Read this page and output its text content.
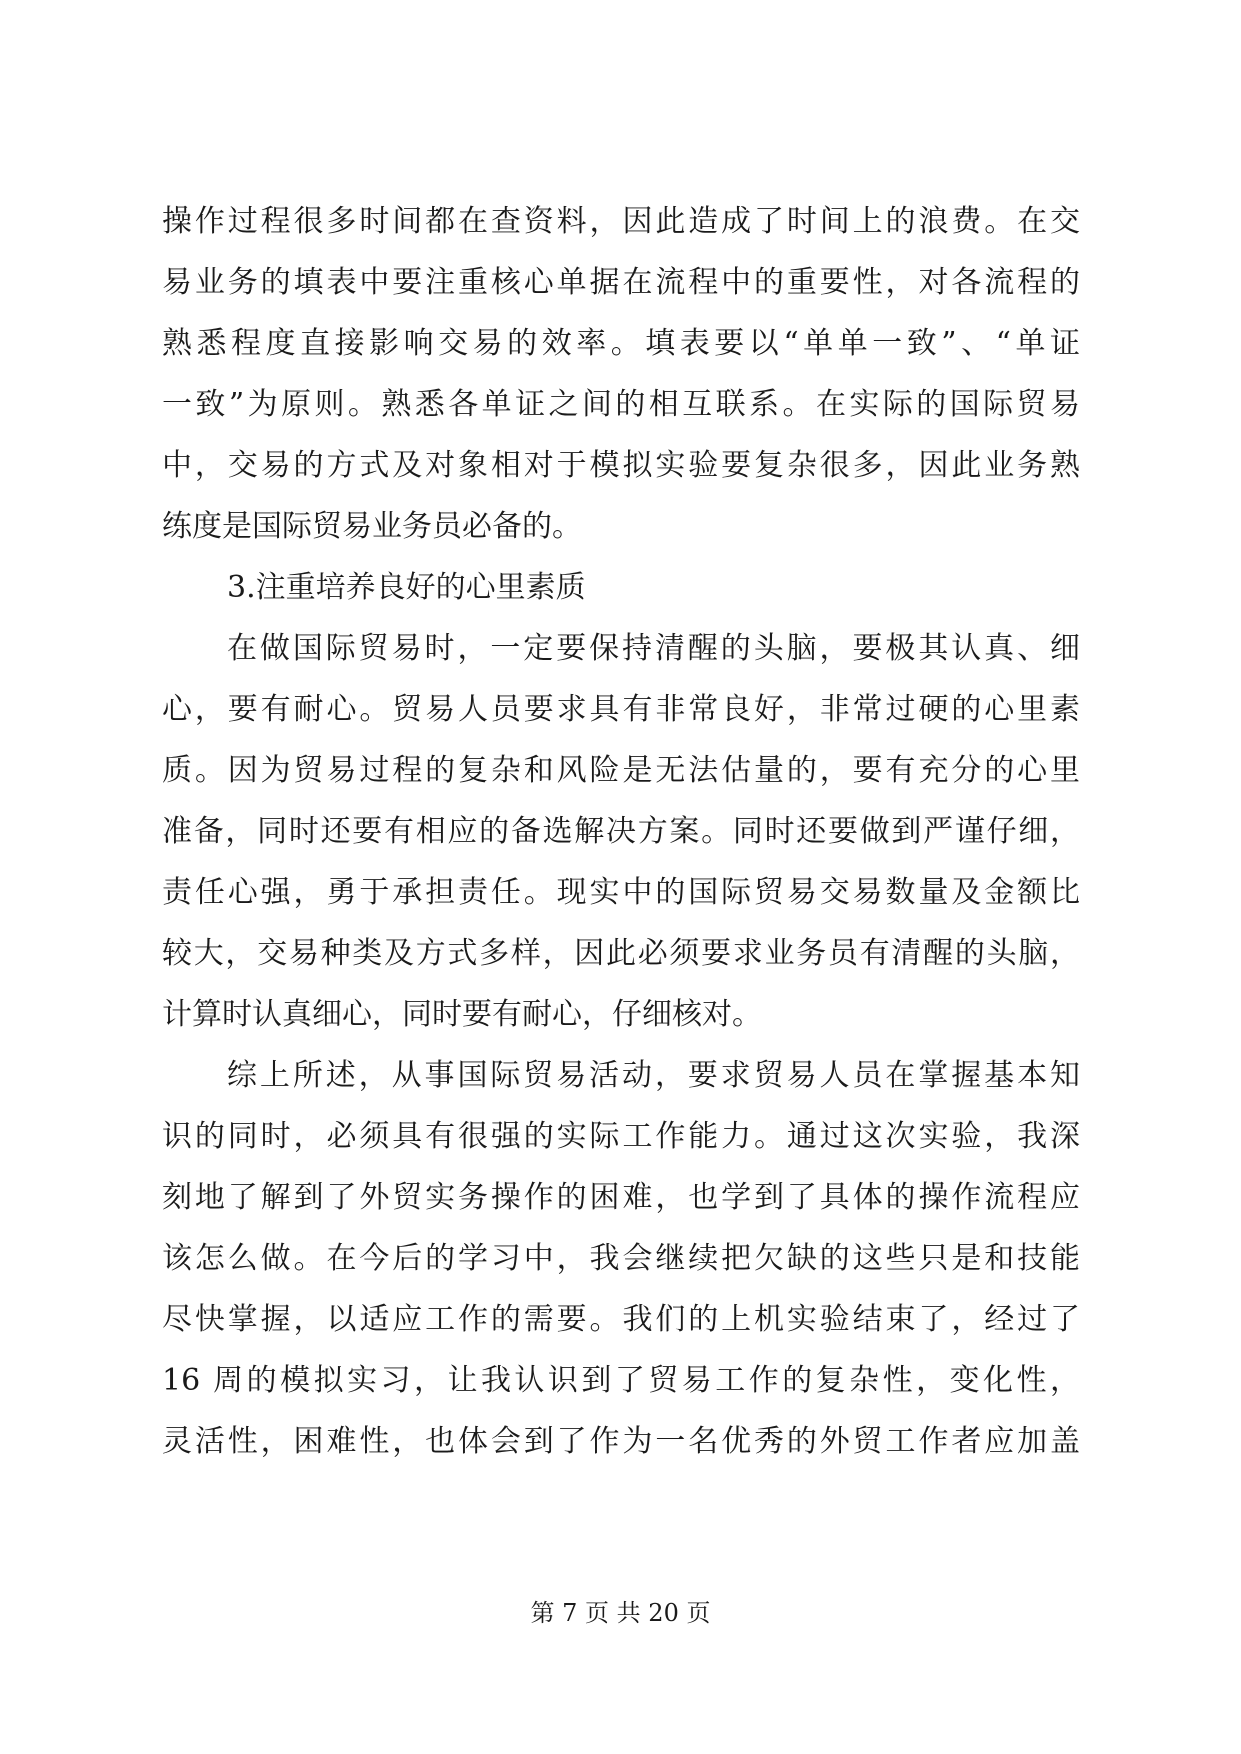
操作过程很多时间都在查资料，因此造成了时间上的浪费。在交
易业务的填表中要注重核心单据在流程中的重要性，对各流程的
熟悉程度直接影响交易的效率。填表要以“单单一致”、“单证
一致”为原则。熟悉各单证之间的相互联系。在实际的国际贸易
中，交易的方式及对象相对于模拟实验要复杂很多，因此业务熟
练度是国际贸易业务员必备的。
3.注重培养良好的心里素质
在做国际贸易时，一定要保持清醒的头脑，要极其认真、细
心，要有耐心。贸易人员要求具有非常良好，非常过硬的心里素
质。因为贸易过程的复杂和风险是无法估量的，要有充分的心里
准备，同时还要有相应的备选解决方案。同时还要做到严谨仔细，
责任心强，勇于承担责任。现实中的国际贸易交易数量及金额比
较大，交易种类及方式多样，因此必须要求业务员有清醒的头脑，
计算时认真细心，同时要有耐心，仔细核对。
综上所述，从事国际贸易活动，要求贸易人员在掌握基本知
识的同时，必须具有很强的实际工作能力。通过这次实验，我深
刻地了解到了外贸实务操作的困难，也学到了具体的操作流程应
该怎么做。在今后的学习中，我会继续把欠缺的这些只是和技能
尽快掌握，以适应工作的需要。我们的上机实验结束了，经过了
16 周的模拟实习，让我认识到了贸易工作的复杂性，变化性，
灵活性，困难性，也体会到了作为一名优秀的外贸工作者应加盖
第 7 页 共 20 页
